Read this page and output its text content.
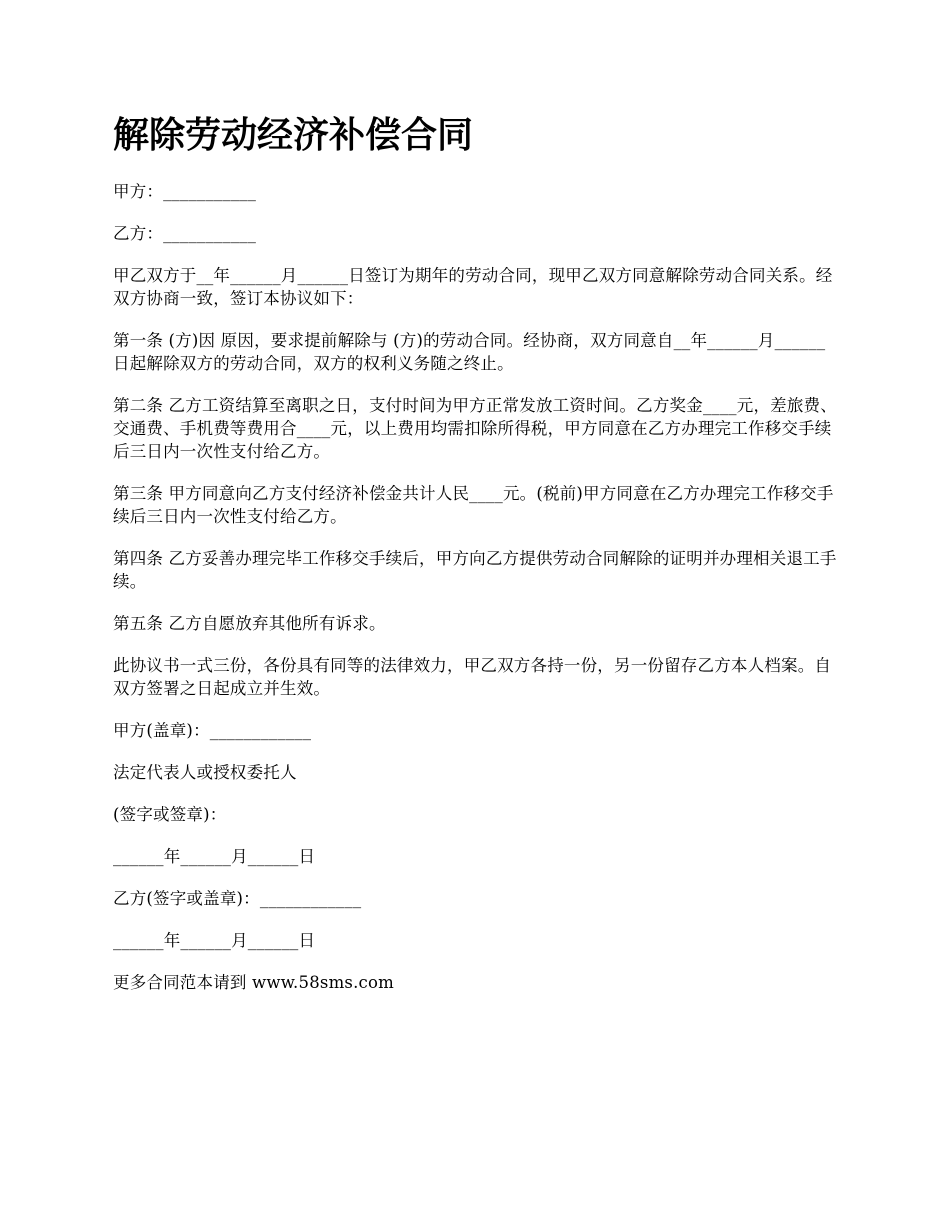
解除劳动经济补偿合同

甲方：___________

乙方：___________

甲乙双方于__年______月______日签订为期年的劳动合同，现甲乙双方同意解除劳动合同关系。经双方协商一致，签订本协议如下：

第一条 (方)因 原因，要求提前解除与 (方)的劳动合同。经协商，双方同意自__年______月______日起解除双方的劳动合同，双方的权利义务随之终止。

第二条 乙方工资结算至离职之日，支付时间为甲方正常发放工资时间。乙方奖金____元，差旅费、交通费、手机费等费用合____元，以上费用均需扣除所得税，甲方同意在乙方办理完工作移交手续后三日内一次性支付给乙方。

第三条 甲方同意向乙方支付经济补偿金共计人民____元。(税前)甲方同意在乙方办理完工作移交手续后三日内一次性支付给乙方。

第四条 乙方妥善办理完毕工作移交手续后，甲方向乙方提供劳动合同解除的证明并办理相关退工手续。

第五条 乙方自愿放弃其他所有诉求。

此协议书一式三份，各份具有同等的法律效力，甲乙双方各持一份，另一份留存乙方本人档案。自双方签署之日起成立并生效。

甲方(盖章)：____________

法定代表人或授权委托人

(签字或签章)：

______年______月______日

乙方(签字或盖章)：____________

______年______月______日

更多合同范本请到 www.58sms.com
